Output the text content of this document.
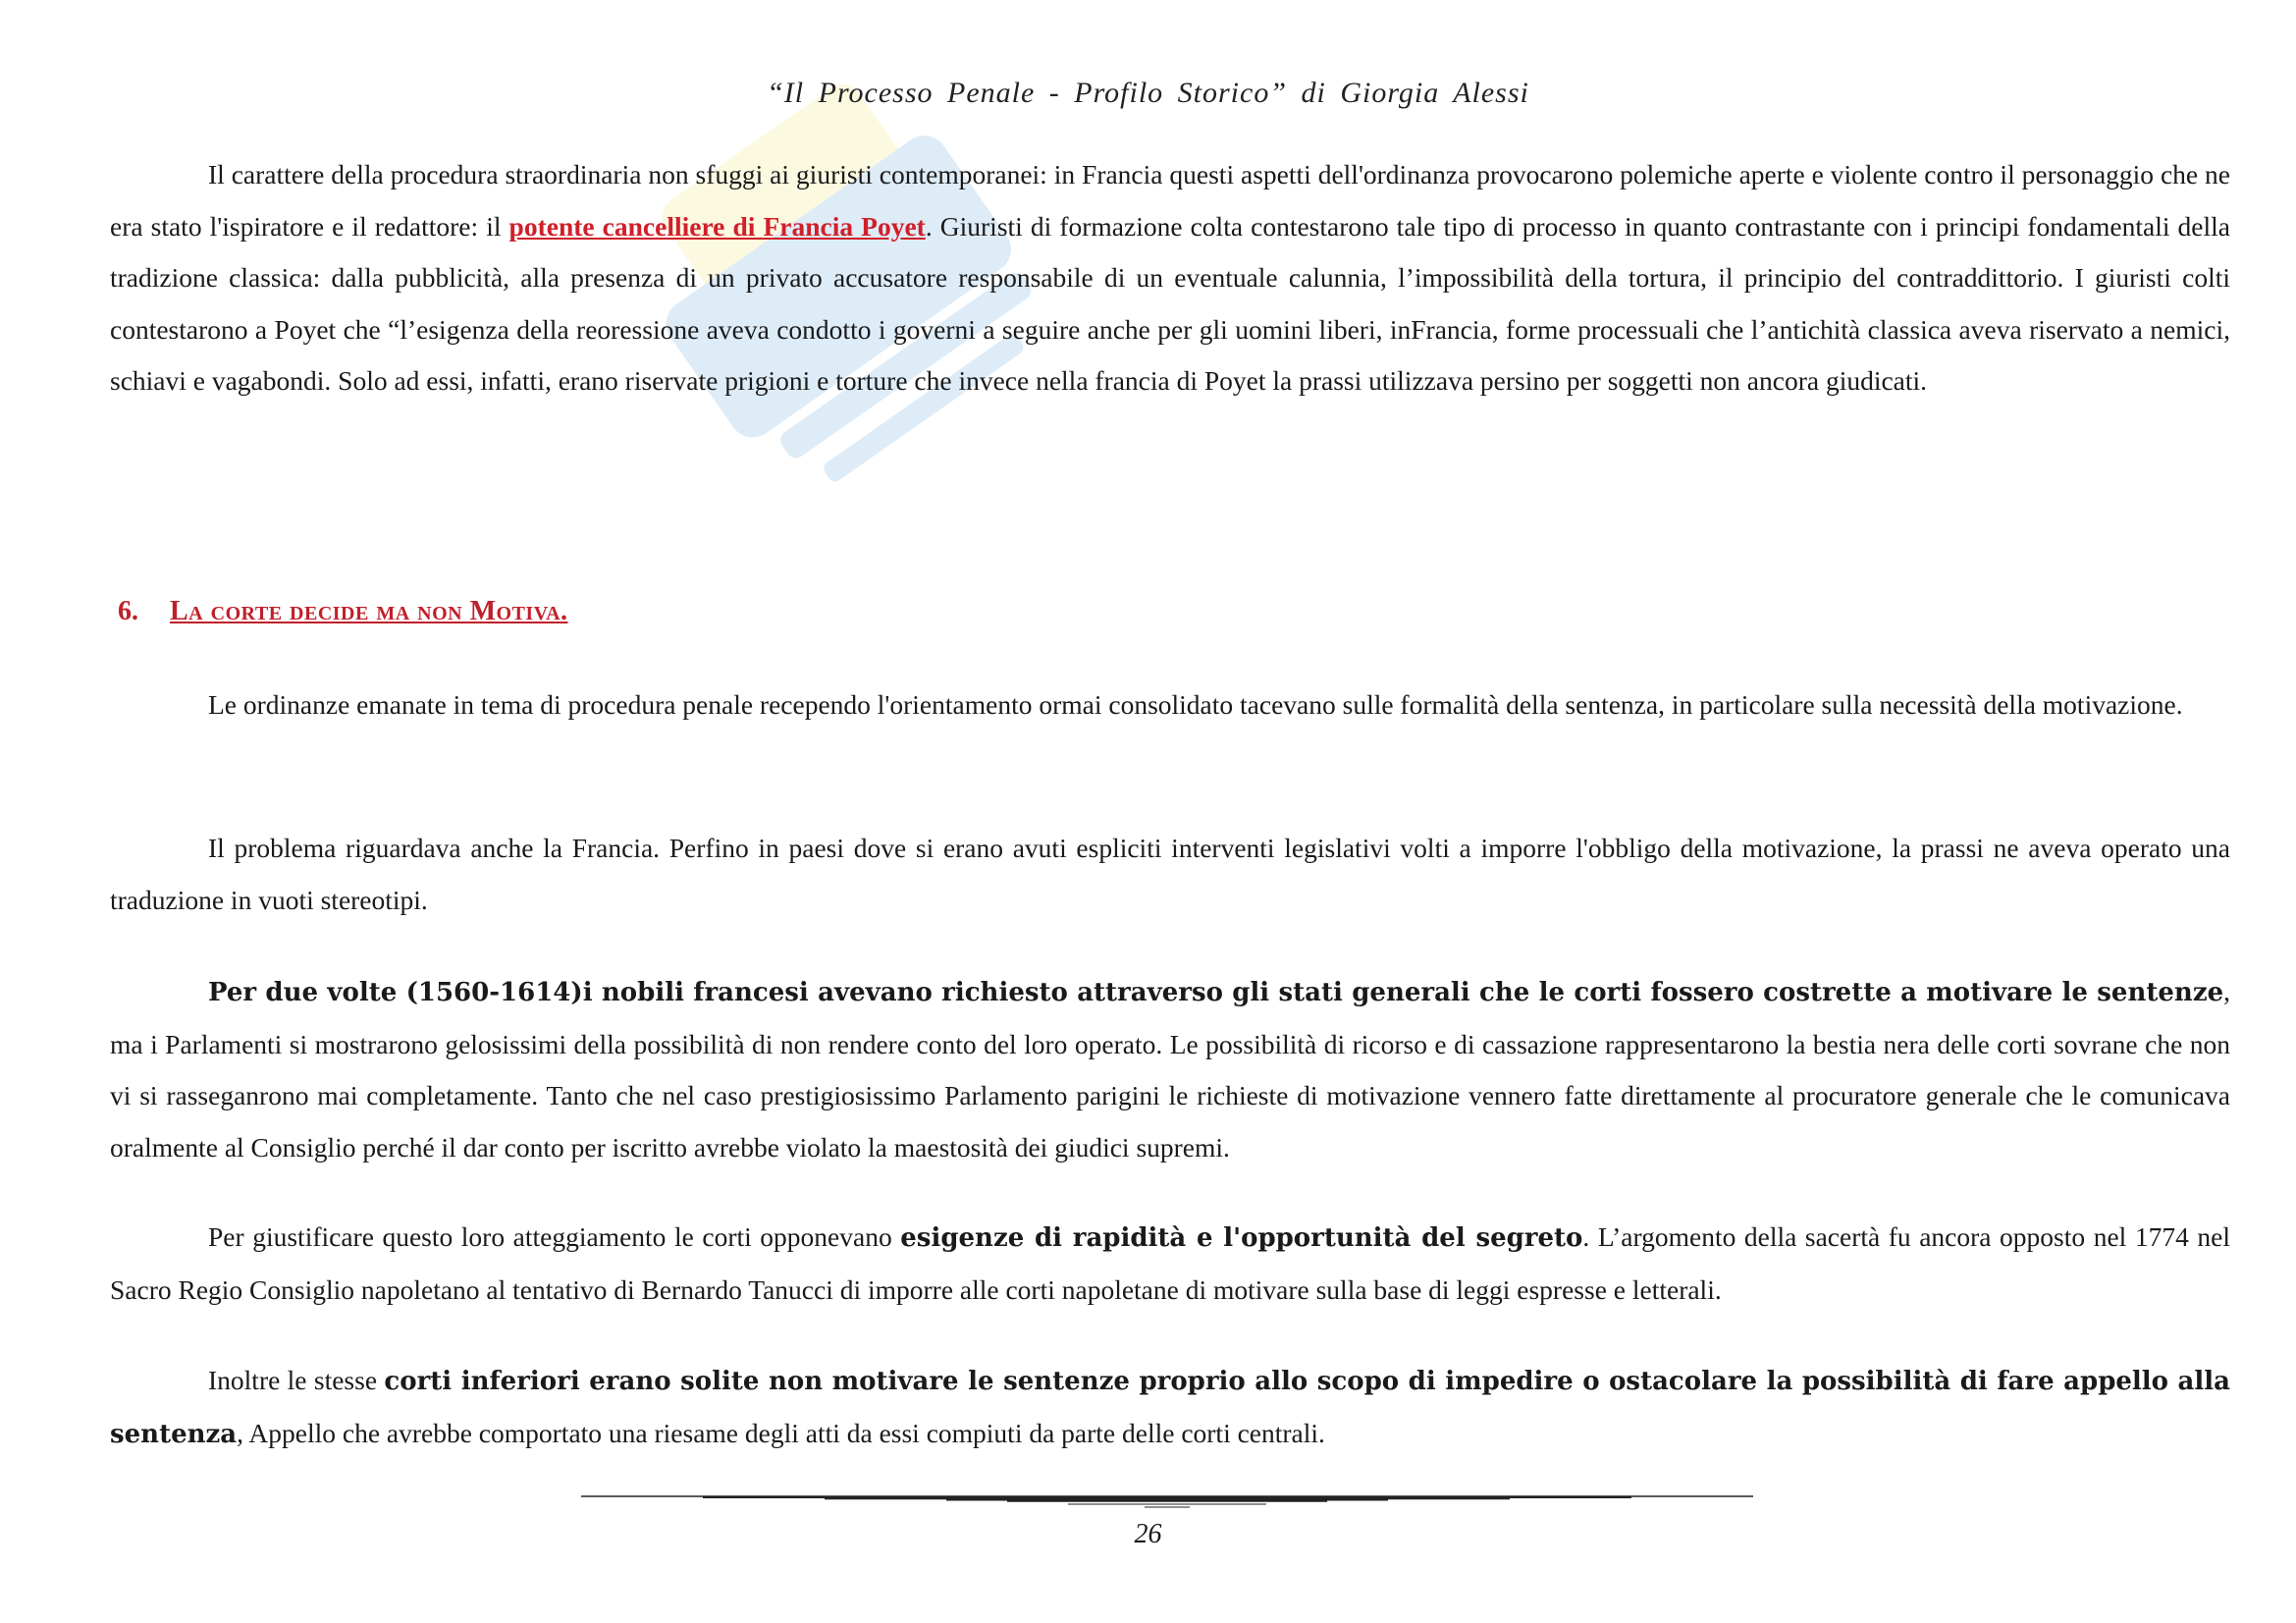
“Il Processo Penale - Profilo Storico” di Giorgia Alessi

Il carattere della procedura straordinaria non sfuggi ai giuristi contemporanei: in Francia questi aspetti dell'ordinanza provocarono polemiche aperte e violente contro il personaggio che ne era stato l'ispiratore e il redattore: il potente cancelliere di Francia Poyet. Giuristi di formazione colta contestarono tale tipo di processo in quanto contrastante con i principi fondamentali della tradizione classica: dalla pubblicità, alla presenza di un privato accusatore responsabile di un eventuale calunnia, l’impossibilità della tortura, il principio del contraddittorio. I giuristi colti contestarono a Poyet che “l’esigenza della reoressione aveva condotto i governi a seguire anche per gli uomini liberi, inFrancia, forme processuali che l’antichità classica aveva riservato a nemici, schiavi e vagabondi. Solo ad essi, infatti, erano riservate prigioni e torture che invece nella francia di Poyet la prassi utilizzava persino per soggetti non ancora giudicati.

6. La corte decide ma non Motiva.

Le ordinanze emanate in tema di procedura penale recependo l'orientamento ormai consolidato tacevano sulle formalità della sentenza, in particolare sulla necessità della motivazione.

Il problema riguardava anche la Francia. Perfino in paesi dove si erano avuti espliciti interventi legislativi volti a imporre l'obbligo della motivazione, la prassi ne aveva operato una traduzione in vuoti stereotipi.

Per due volte (1560-1614)i nobili francesi avevano richiesto attraverso gli stati generali che le corti fossero costrette a motivare le sentenze, ma i Parlamenti si mostrarono gelosissimi della possibilità di non rendere conto del loro operato. Le possibilità di ricorso e di cassazione rappresentarono la bestia nera delle corti sovrane che non vi si rasseganrono mai completamente. Tanto che nel caso prestigiosissimo Parlamento parigini le richieste di motivazione vennero fatte direttamente al procuratore generale che le comunicava oralmente al Consiglio perché il dar conto per iscritto avrebbe violato la maestosità dei giudici supremi.

Per giustificare questo loro atteggiamento le corti opponevano esigenze di rapidità e l'opportunità del segreto. L’argomento della sacertà fu ancora opposto nel 1774 nel Sacro Regio Consiglio napoletano al tentativo di Bernardo Tanucci di imporre alle corti napoletane di motivare sulla base di leggi espresse e letterali.

Inoltre le stesse corti inferiori erano solite non motivare le sentenze proprio allo scopo di impedire o ostacolare la possibilità di fare appello alla sentenza, Appello che avrebbe comportato una riesame degli atti da essi compiuti da parte delle corti centrali.

26
